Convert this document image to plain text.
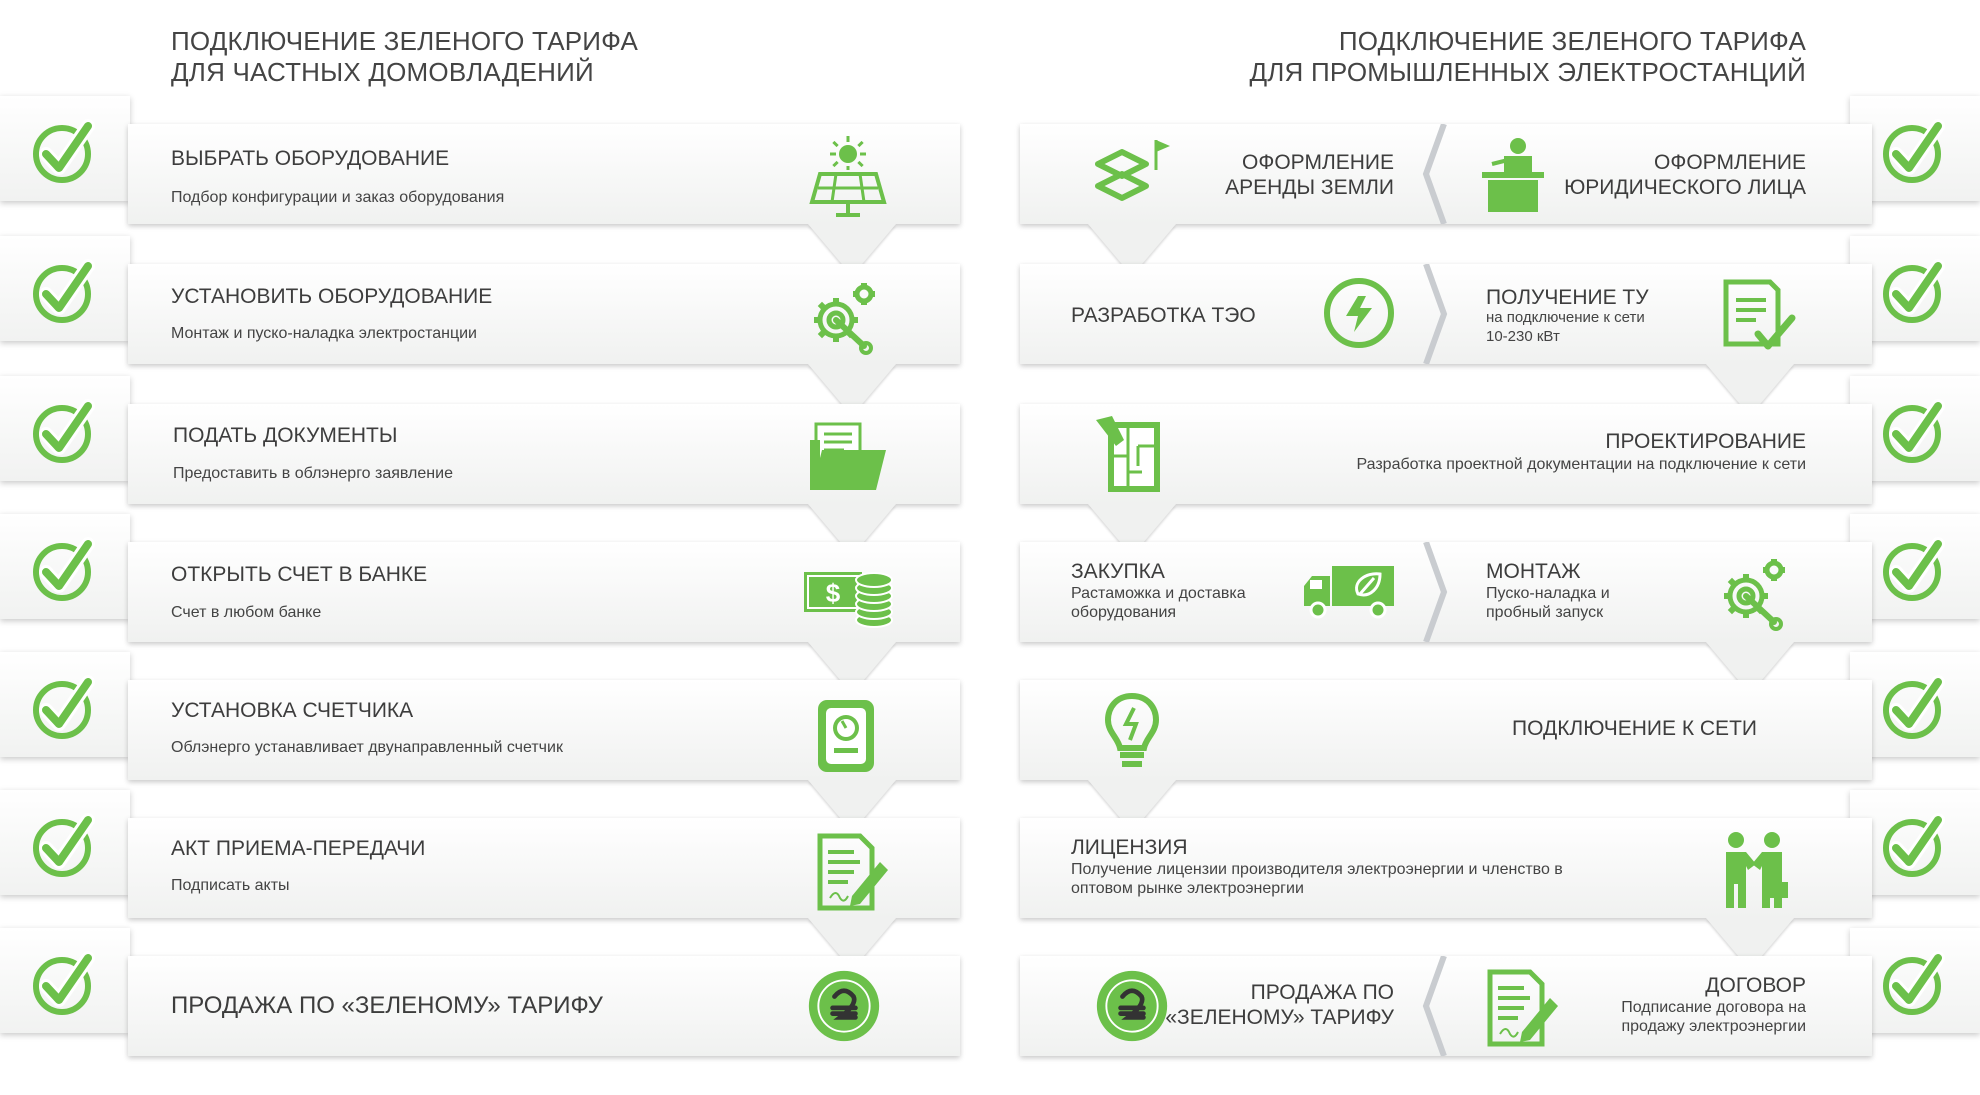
ПОДКЛЮЧЕНИЕ ЗЕЛЕНОГО ТАРИФА
ДЛЯ ЧАСТНЫХ ДОМОВЛАДЕНИЙ
ПОДКЛЮЧЕНИЕ ЗЕЛЕНОГО ТАРИФА
ДЛЯ ПРОМЫШЛЕННЫХ ЭЛЕКТРОСТАНЦИЙ
ВЫБРАТЬ ОБОРУДОВАНИЕ
Подбор конфигурации и заказ оборудования
УСТАНОВИТЬ ОБОРУДОВАНИЕ
Монтаж и пуско-наладка электростанции
ПОДАТЬ ДОКУМЕНТЫ
Предоставить в облэнерго заявление
ОТКРЫТЬ СЧЕТ В БАНКЕ
Счет в любом банке
$
УСТАНОВКА СЧЕТЧИКА
Облэнерго устанавливает двунаправленный счетчик
АКТ ПРИЕМА-ПЕРЕДАЧИ
Подписать акты
ПРОДАЖА ПО «ЗЕЛЕНОМУ» ТАРИФУ
ОФОРМЛЕНИЕ
АРЕНДЫ ЗЕМЛИ
ОФОРМЛЕНИЕ
ЮРИДИЧЕСКОГО ЛИЦА
РАЗРАБОТКА ТЭО
ПОЛУЧЕНИЕ ТУ
на подключение к сети
10-230 кВт
ПРОЕКТИРОВАНИЕ
Разработка проектной документации на подключение к сети
ЗАКУПКА
Растаможка и доставка
оборудования
МОНТАЖ
Пуско-наладка и
пробный запуск
ПОДКЛЮЧЕНИЕ К СЕТИ
ЛИЦЕНЗИЯ
Получение лицензии производителя электроэнергии и членство в
оптовом рынке электроэнергии
ПРОДАЖА ПО
«ЗЕЛЕНОМУ» ТАРИФУ
ДОГОВОР
Подписание договора на
продажу электроэнергии
